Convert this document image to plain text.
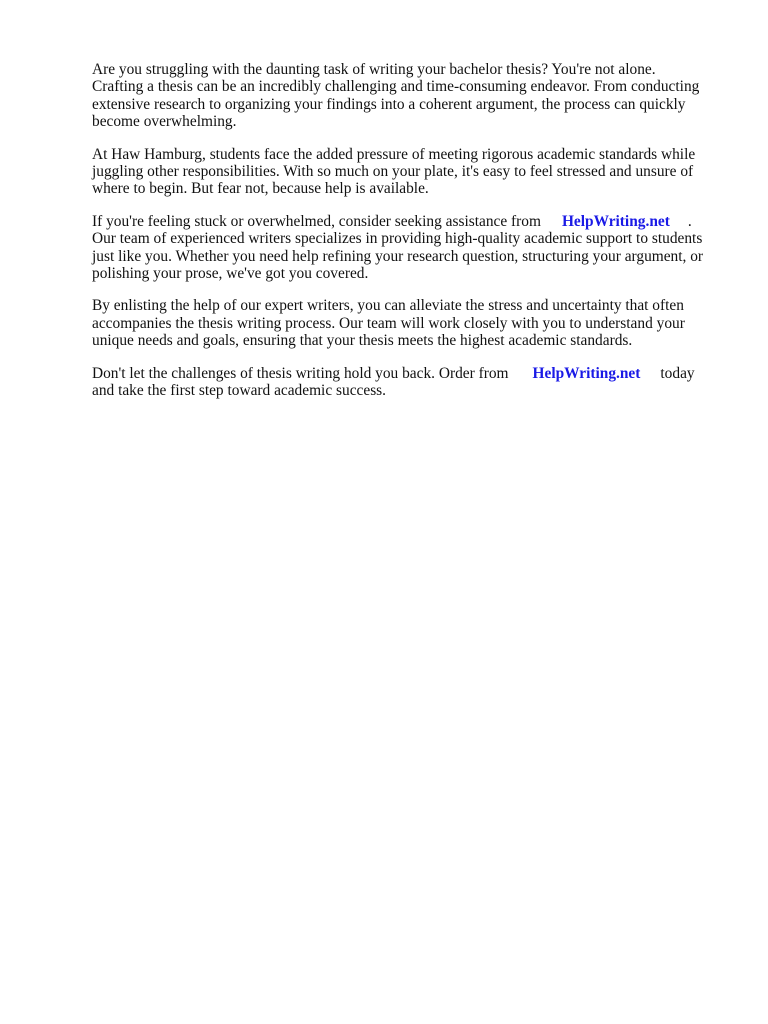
Are you struggling with the daunting task of writing your bachelor thesis? You're not alone. Crafting a thesis can be an incredibly challenging and time-consuming endeavor. From conducting extensive research to organizing your findings into a coherent argument, the process can quickly become overwhelming.

At Haw Hamburg, students face the added pressure of meeting rigorous academic standards while juggling other responsibilities. With so much on your plate, it's easy to feel stressed and unsure of where to begin. But fear not, because help is available.

If you're feeling stuck or overwhelmed, consider seeking assistance from HelpWriting.net . Our team of experienced writers specializes in providing high-quality academic support to students just like you. Whether you need help refining your research question, structuring your argument, or polishing your prose, we've got you covered.

By enlisting the help of our expert writers, you can alleviate the stress and uncertainty that often accompanies the thesis writing process. Our team will work closely with you to understand your unique needs and goals, ensuring that your thesis meets the highest academic standards.

Don't let the challenges of thesis writing hold you back. Order from HelpWriting.net today and take the first step toward academic success.
